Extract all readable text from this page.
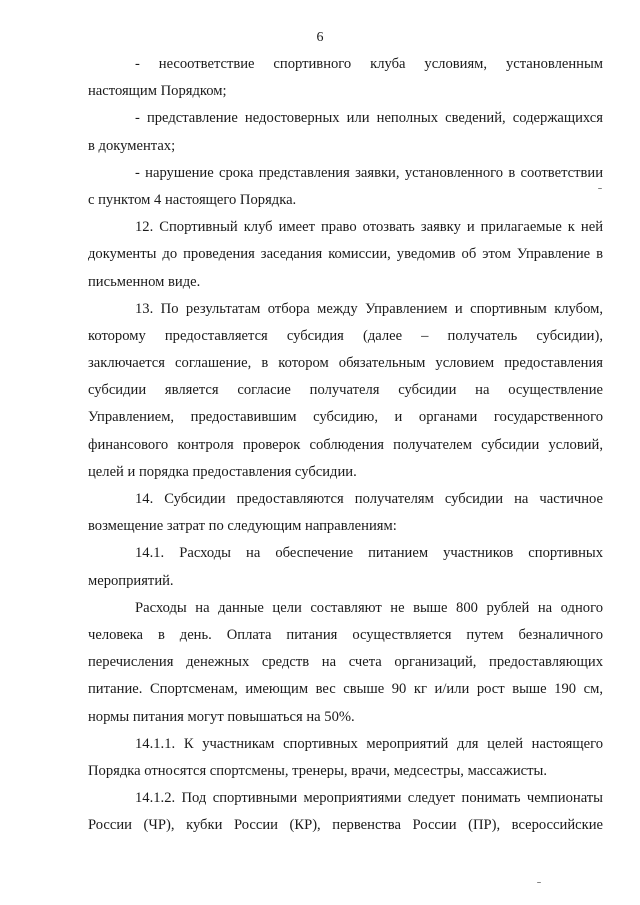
6
- несоответствие спортивного клуба условиям, установленным
настоящим Порядком;
- представление недостоверных или неполных сведений, содержащихся
в документах;
- нарушение срока представления заявки, установленного в соответствии
с пунктом 4 настоящего Порядка.
12. Спортивный клуб имеет право отозвать заявку и прилагаемые к ней
документы до проведения заседания комиссии, уведомив об этом Управление в
письменном виде.
13. По результатам отбора между Управлением и спортивным клубом,
которому предоставляется субсидия (далее – получатель субсидии),
заключается соглашение, в котором обязательным условием предоставления
субсидии является согласие получателя субсидии на осуществление
Управлением, предоставившим субсидию, и органами государственного
финансового контроля проверок соблюдения получателем субсидии условий,
целей и порядка предоставления субсидии.
14. Субсидии предоставляются получателям субсидии на частичное
возмещение затрат по следующим направлениям:
14.1. Расходы на обеспечение питанием участников спортивных
мероприятий.
Расходы на данные цели составляют не выше 800 рублей на одного
человека в день. Оплата питания осуществляется путем безналичного
перечисления денежных средств на счета организаций, предоставляющих
питание. Спортсменам, имеющим вес свыше 90 кг и/или рост выше 190 см,
нормы питания могут повышаться на 50%.
14.1.1. К участникам спортивных мероприятий для целей настоящего
Порядка относятся спортсмены, тренеры, врачи, медсестры, массажисты.
14.1.2. Под спортивными мероприятиями следует понимать чемпионаты
России (ЧР), кубки России (КР), первенства России (ПР), всероссийские
ˉ
ˉ
